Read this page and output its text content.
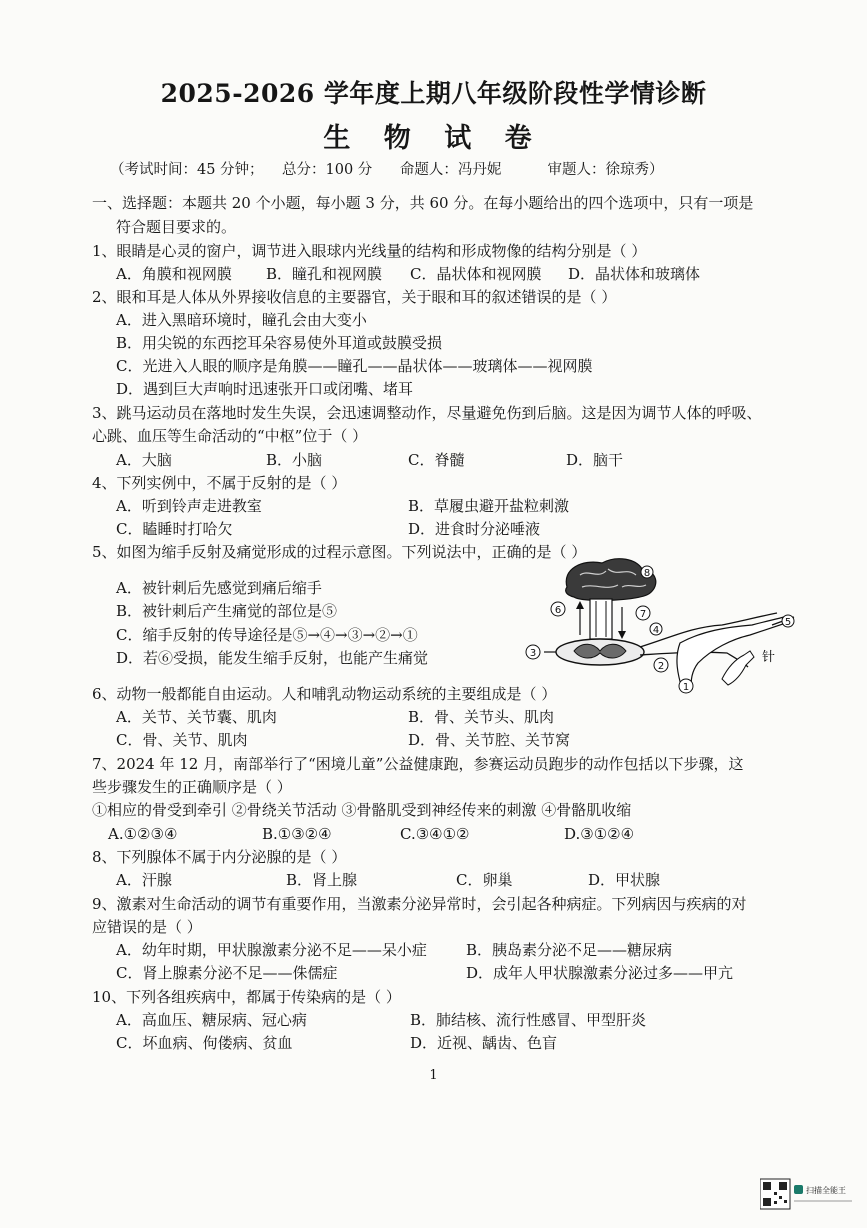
2025-2026 学年度上期八年级阶段性学情诊断
生 物 试 卷
（考试时间：45 分钟；    总分：100 分      命题人：冯丹妮          审题人：徐琼秀）
一、选择题：本题共 20 个小题，每小题 3 分，共 60 分。在每小题给出的四个选项中，只有一项是
符合题目要求的。
1、眼睛是心灵的窗户，调节进入眼球内光线量的结构和形成物像的结构分别是（ ）
A．角膜和视网膜 B．瞳孔和视网膜 C．晶状体和视网膜 D．晶状体和玻璃体
2、眼和耳是人体从外界接收信息的主要器官，关于眼和耳的叙述错误的是（ ）
A．进入黑暗环境时，瞳孔会由大变小
B．用尖锐的东西挖耳朵容易使外耳道或鼓膜受损
C．光进入人眼的顺序是角膜——瞳孔——晶状体——玻璃体——视网膜
D．遇到巨大声响时迅速张开口或闭嘴、堵耳
3、跳马运动员在落地时发生失误，会迅速调整动作，尽量避免伤到后脑。这是因为调节人体的呼吸、
心跳、血压等生命活动的“中枢”位于（ ）
A．大脑	B．小脑	C．脊髓	D．脑干
4、下列实例中，不属于反射的是（ ）
A．听到铃声走进教室	B．草履虫避开盐粒刺激
C．瞌睡时打哈欠	D．进食时分泌唾液
5、如图为缩手反射及痛觉形成的过程示意图。下列说法中，正确的是（ ）
A．被针刺后先感觉到痛后缩手
B．被针刺后产生痛觉的部位是⑤
C．缩手反射的传导途径是⑤→④→③→②→①
D．若⑥受损，能发生缩手反射，也能产生痛觉
8
6	7
4
3
2
1
5
针
6、动物一般都能自由运动。人和哺乳动物运动系统的主要组成是（ ）
A．关节、关节囊、肌肉	B．骨、关节头、肌肉
C．骨、关节、肌肉	D．骨、关节腔、关节窝
7、2024 年 12 月，南部举行了“困境儿童”公益健康跑，参赛运动员跑步的动作包括以下步骤，这
些步骤发生的正确顺序是（ ）
①相应的骨受到牵引 ②骨绕关节活动 ③骨骼肌受到神经传来的刺激 ④骨骼肌收缩
A.①②③④	B.①③②④	C.③④①②	D.③①②④
8、下列腺体不属于内分泌腺的是（ ）
A．汗腺	B．肾上腺	C．卵巢	D．甲状腺
9、激素对生命活动的调节有重要作用，当激素分泌异常时，会引起各种病症。下列病因与疾病的对
应错误的是（ ）
A．幼年时期，甲状腺激素分泌不足——呆小症	B．胰岛素分泌不足——糖尿病
C．肾上腺素分泌不足——侏儒症	D．成年人甲状腺激素分泌过多——甲亢
10、下列各组疾病中，都属于传染病的是（ ）
A．高血压、糖尿病、冠心病	B．肺结核、流行性感冒、甲型肝炎
C．坏血病、佝偻病、贫血	D．近视、龋齿、色盲
1
扫描全能王
